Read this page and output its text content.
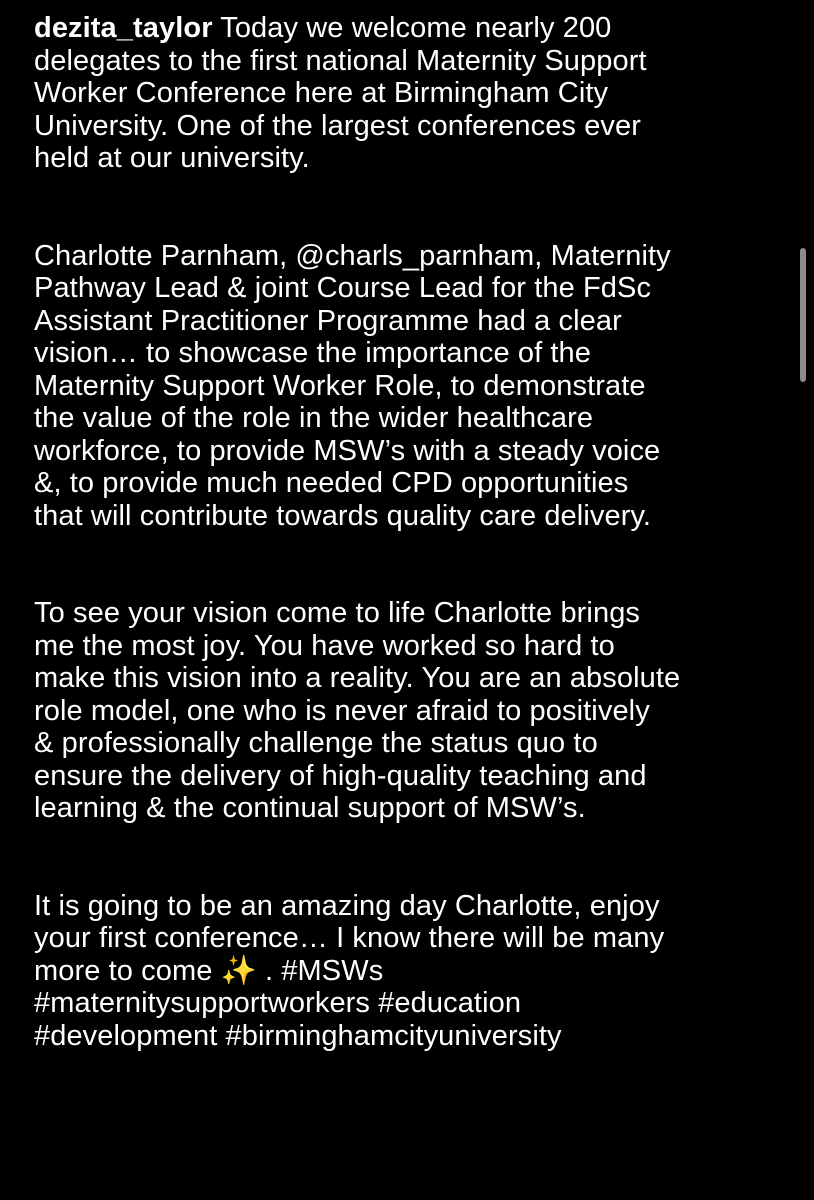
dezita_taylor Today we welcome nearly 200
delegates to the first national Maternity Support
Worker Conference here at Birmingham City
University. One of the largest conferences ever
held at our university.

Charlotte Parnham, @charls_parnham, Maternity
Pathway Lead & joint Course Lead for the FdSc
Assistant Practitioner Programme had a clear
vision… to showcase the importance of the
Maternity Support Worker Role, to demonstrate
the value of the role in the wider healthcare
workforce, to provide MSW’s with a steady voice
&, to provide much needed CPD opportunities
that will contribute towards quality care delivery.

To see your vision come to life Charlotte brings
me the most joy. You have worked so hard to
make this vision into a reality. You are an absolute
role model, one who is never afraid to positively
& professionally challenge the status quo to
ensure the delivery of high-quality teaching and
learning & the continual support of MSW’s.

It is going to be an amazing day Charlotte, enjoy
your first conference… I know there will be many
more to come ✨ . #MSWs
#maternitysupportworkers #education
#development #birminghamcityuniversity
